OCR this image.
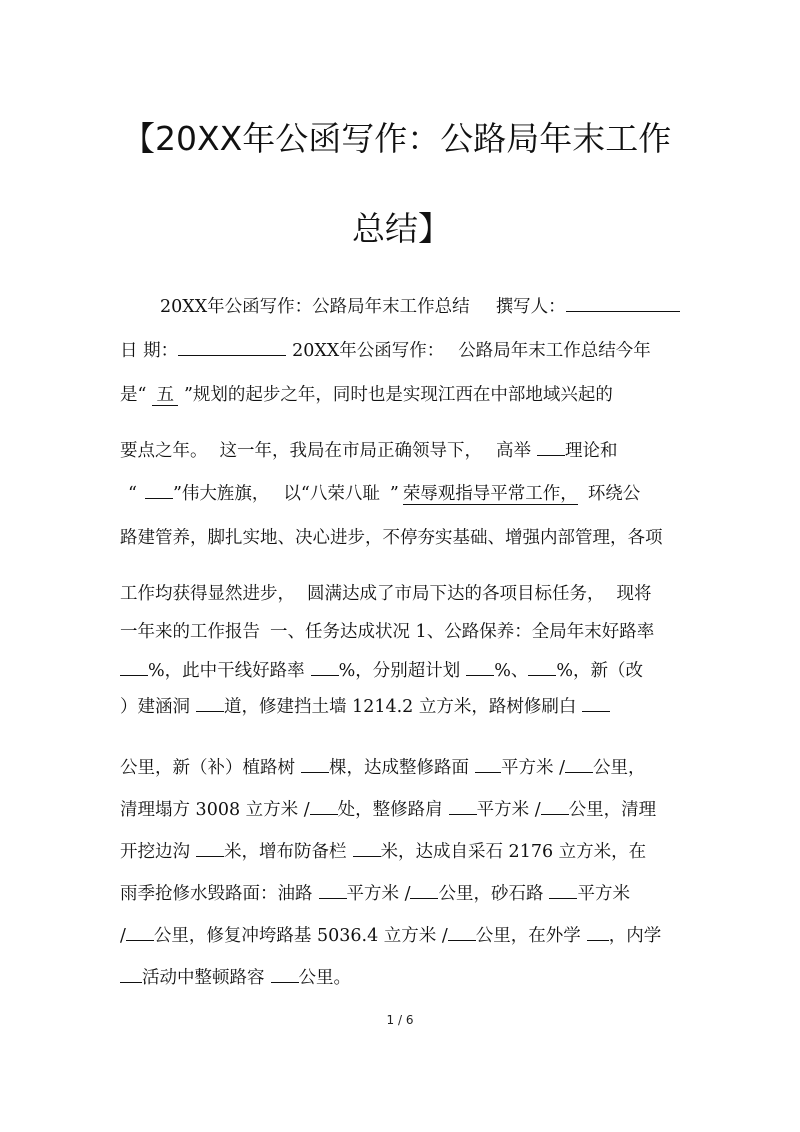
【20XX年公函写作：公路局年末工作
总结】
20XX年公函写作：公路局年末工作总结 撰写人：
日 期：	20XX年公函写作： 公路局年末工作总结今年
是“ 五 ”规划的起步之年，同时也是实现江西在中部地域兴起的
要点之年。 这一年，我局在市局正确领导下， 高举 理论和
“ ”伟大旌旗， 以“八荣八耻 ” 荣辱观指导平常工作， 环绕公
路建管养，脚扎实地、决心进步，不停夯实基础、增强内部管理，各项
工作均获得显然进步， 圆满达成了市局下达的各项目标任务， 现将
一年来的工作报告 一、任务达成状况 1、公路保养：全局年末好路率
%，此中干线好路率 %，分别超计划 %、 %，新（改
）建涵洞 道，修建挡土墙 1214.2 立方米，路树修刷白
公里，新（补）植路树 棵，达成整修路面 平方米 / 公里，
清理塌方 3008 立方米 / 处，整修路肩 平方米 / 公里，清理
开挖边沟 米，增布防备栏 米，达成自采石 2176 立方米，在
雨季抢修水毁路面：油路 平方米 / 公里，砂石路 平方米
/ 公里，修复冲垮路基 5036.4 立方米 / 公里，在外学 ，内学
活动中整顿路容 公里。
1 / 6
